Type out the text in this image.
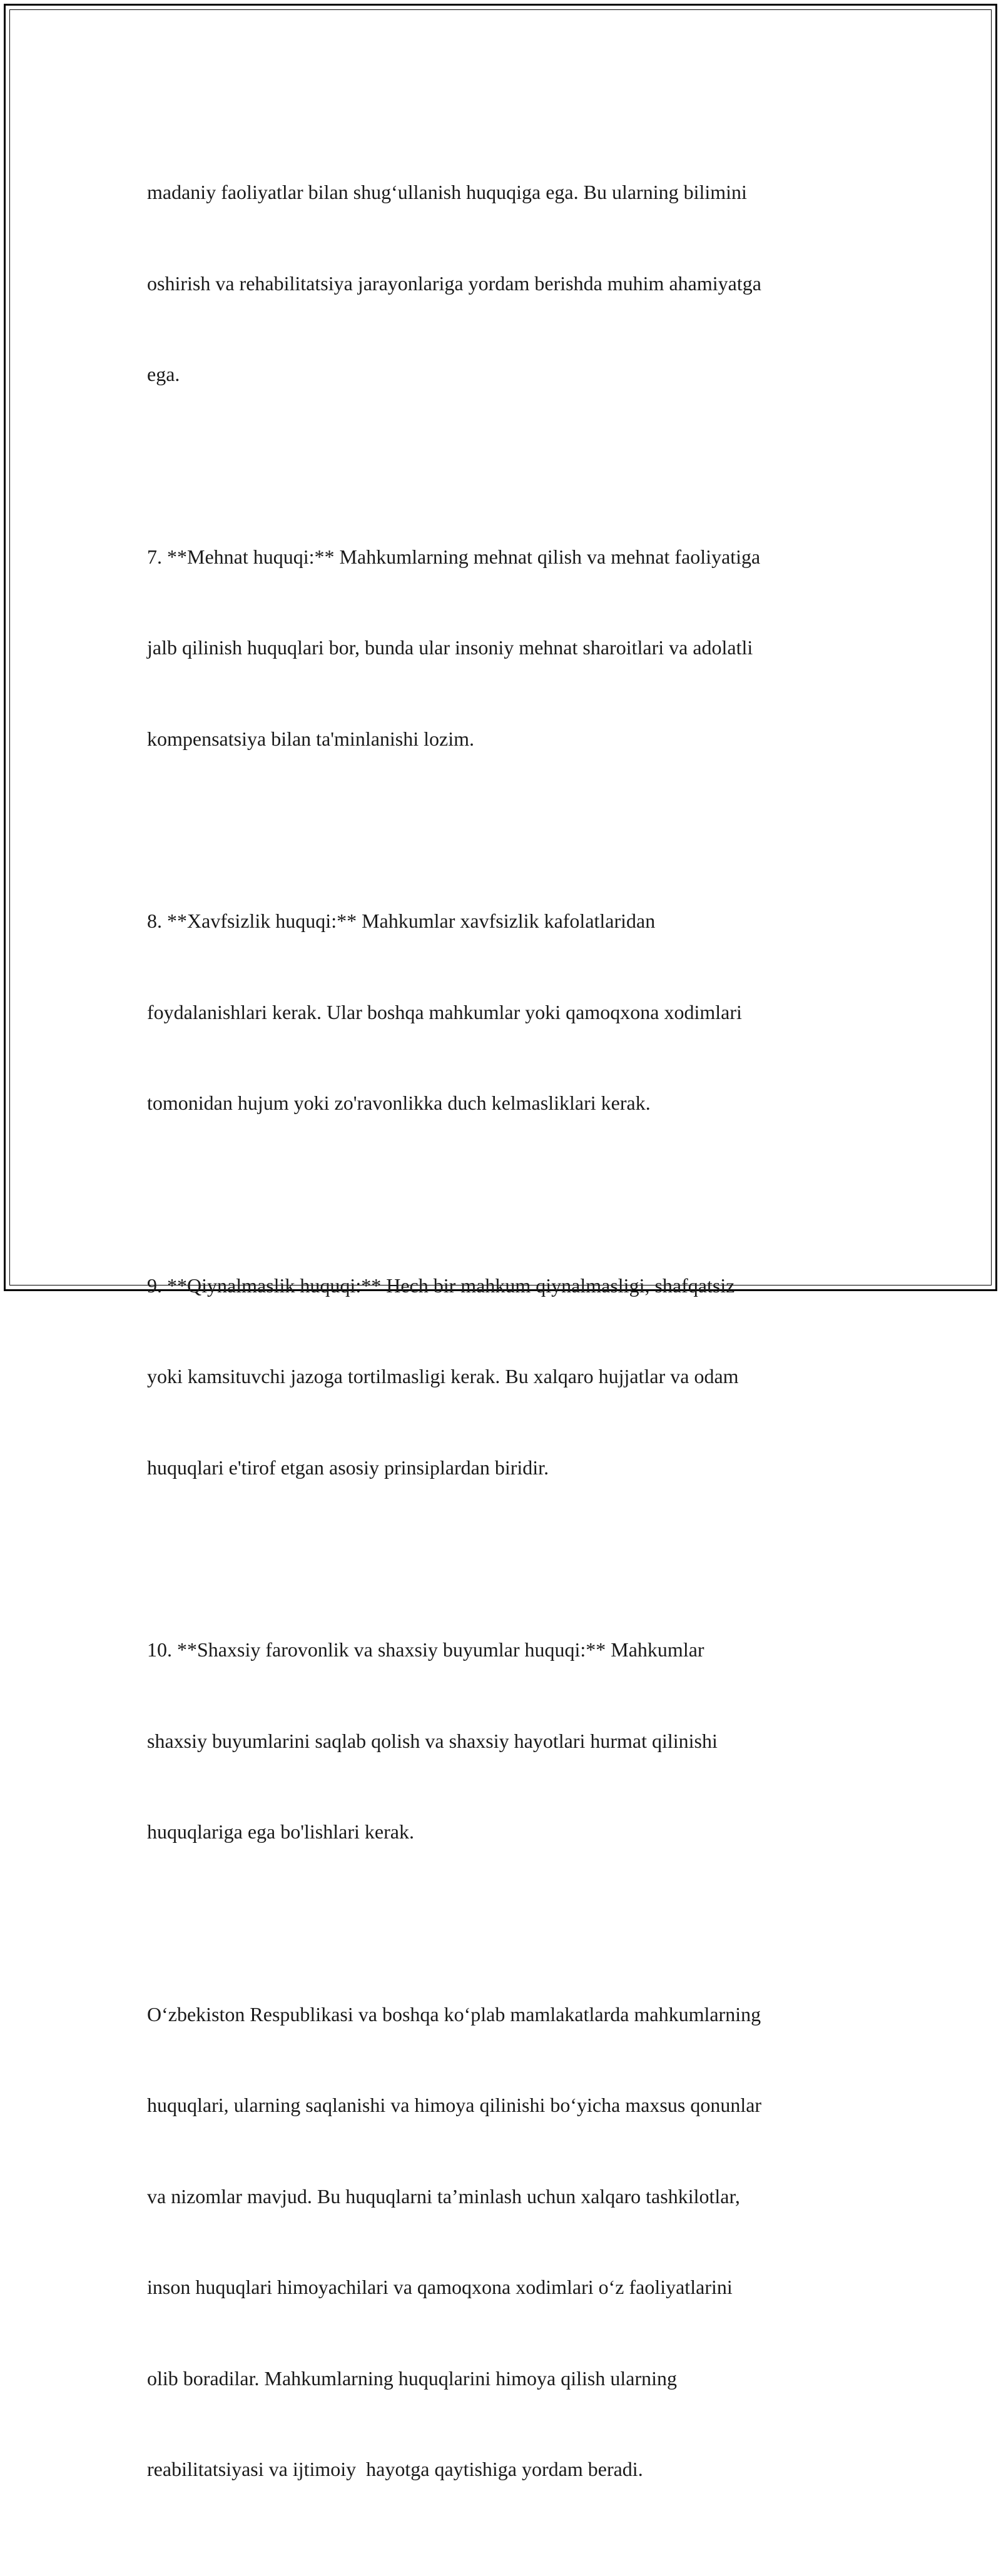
madaniy faoliyatlar bilan shug‘ullanish huquqiga ega. Bu ularning bilimini

oshirish va rehabilitatsiya jarayonlariga yordam berishda muhim ahamiyatga

ega.

7. **Mehnat huquqi:** Mahkumlarning mehnat qilish va mehnat faoliyatiga

jalb qilinish huquqlari bor, bunda ular insoniy mehnat sharoitlari va adolatli

kompensatsiya bilan ta'minlanishi lozim.

8. **Xavfsizlik huquqi:** Mahkumlar xavfsizlik kafolatlaridan

foydalanishlari kerak. Ular boshqa mahkumlar yoki qamoqxona xodimlari

tomonidan hujum yoki zo'ravonlikka duch kelmasliklari kerak.

9. **Qiynalmaslik huquqi:** Hech bir mahkum qiynalmasligi, shafqatsiz

yoki kamsituvchi jazoga tortilmasligi kerak. Bu xalqaro hujjatlar va odam

huquqlari e'tirof etgan asosiy prinsiplardan biridir.

10. **Shaxsiy farovonlik va shaxsiy buyumlar huquqi:** Mahkumlar

shaxsiy buyumlarini saqlab qolish va shaxsiy hayotlari hurmat qilinishi

huquqlariga ega bo'lishlari kerak.

O‘zbekiston Respublikasi va boshqa ko‘plab mamlakatlarda mahkumlarning

huquqlari, ularning saqlanishi va himoya qilinishi bo‘yicha maxsus qonunlar

va nizomlar mavjud. Bu huquqlarni ta’minlash uchun xalqaro tashkilotlar,

inson huquqlari himoyachilari va qamoqxona xodimlari o‘z faoliyatlarini

olib boradilar. Mahkumlarning huquqlarini himoya qilish ularning

reabilitatsiyasi va ijtimoiy  hayotga qaytishiga yordam beradi.
